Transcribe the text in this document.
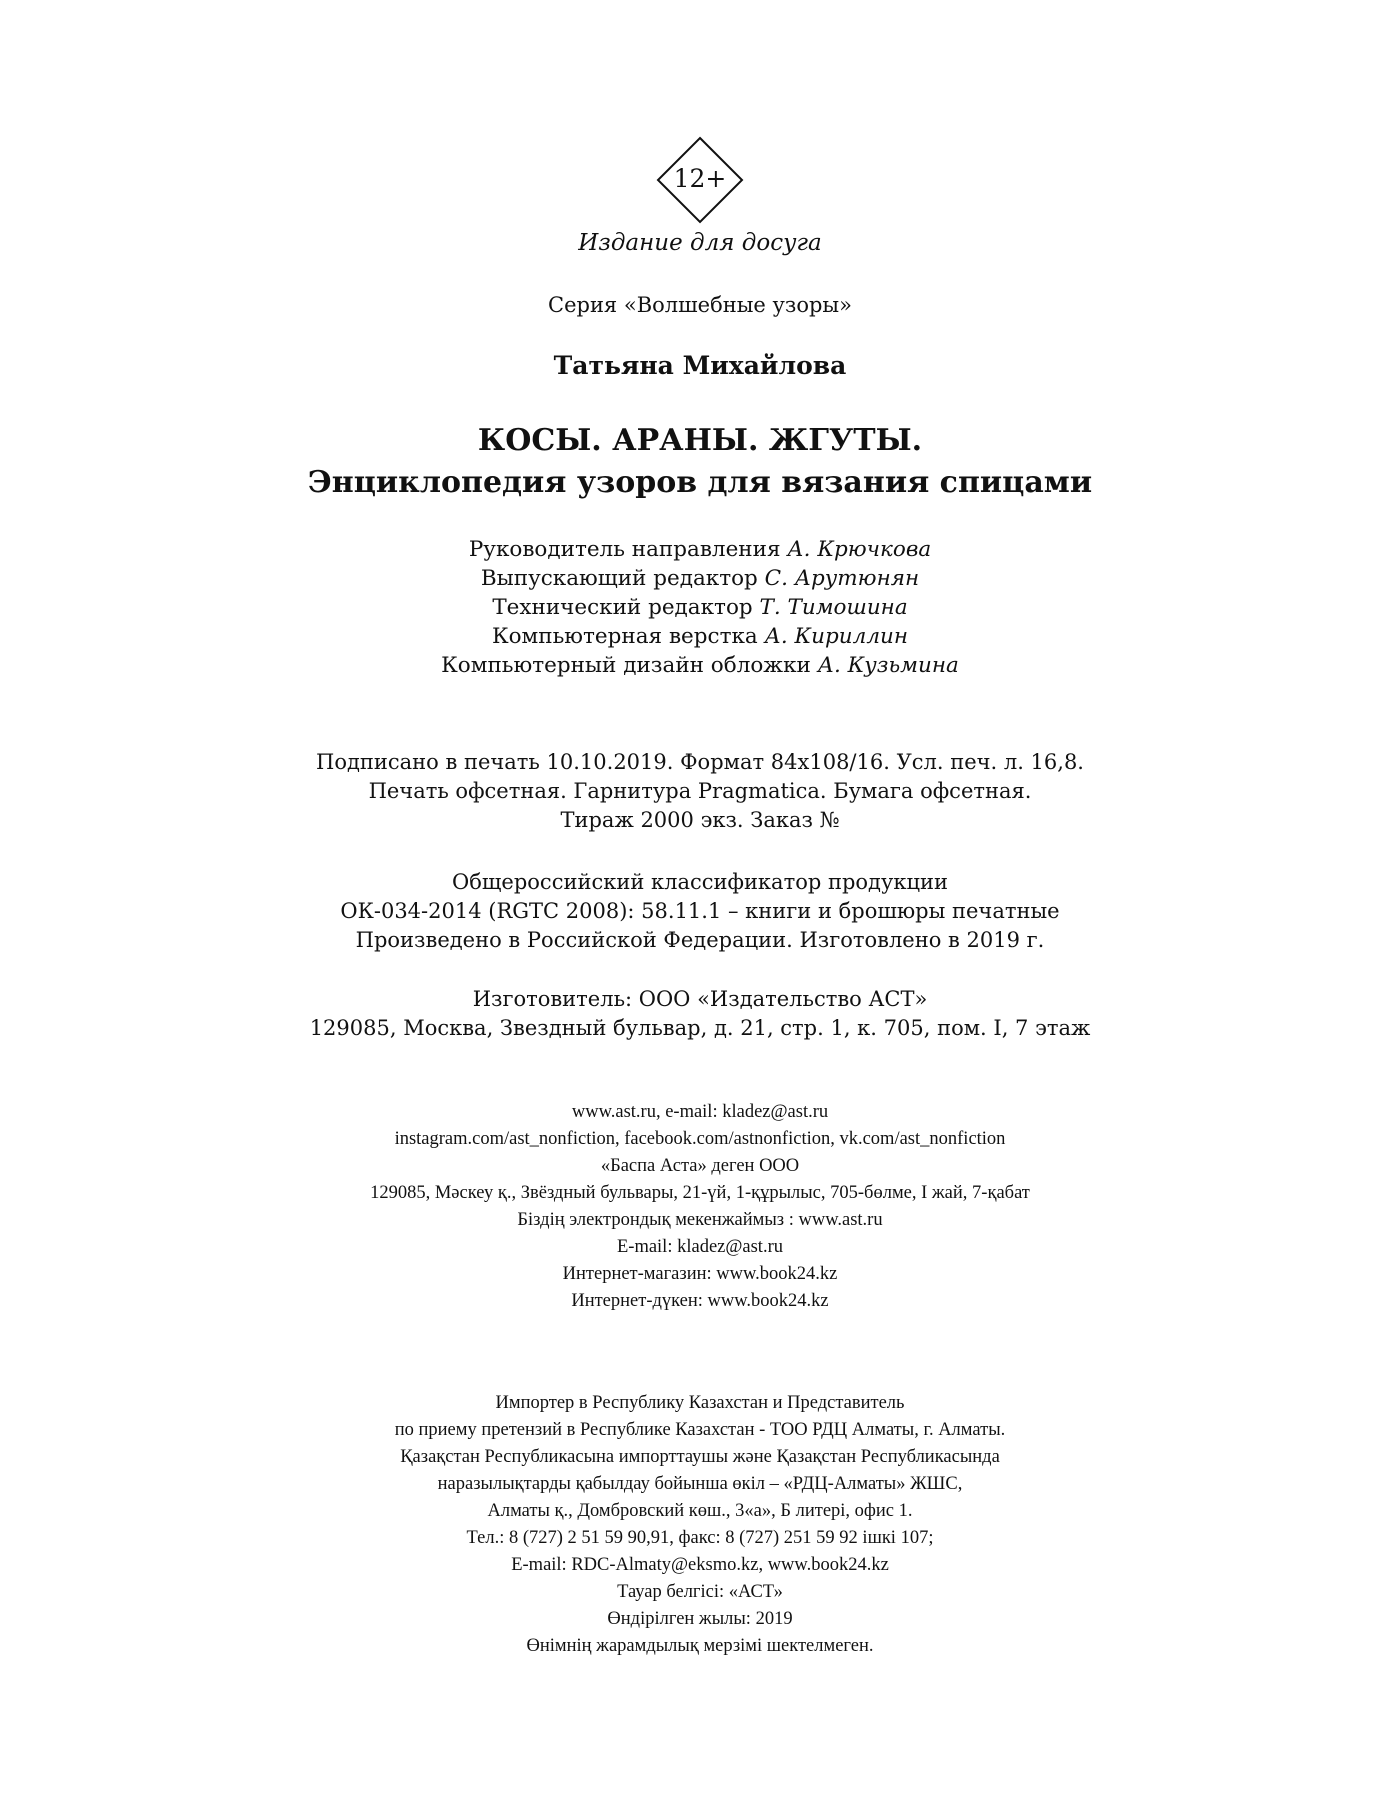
12+
Издание для досуга
Серия «Волшебные узоры»
Татьяна Михайлова
КОСЫ. АРАНЫ. ЖГУТЫ.
Энциклопедия узоров для вязания спицами
Руководитель направления А. Крючкова
Выпускающий редактор С. Арутюнян
Технический редактор Т. Тимошина
Компьютерная верстка А. Кириллин
Компьютерный дизайн обложки А. Кузьмина
Подписано в печать 10.10.2019. Формат 84x108/16. Усл. печ. л. 16,8.
Печать офсетная. Гарнитура Pragmatica. Бумага офсетная.
Тираж 2000 экз. Заказ №
Общероссийский классификатор продукции
ОК-034-2014 (RGTC 2008): 58.11.1 – книги и брошюры печатные
Произведено в Российской Федерации. Изготовлено в 2019 г.
Изготовитель: ООО «Издательство АСТ»
129085, Москва, Звездный бульвар, д. 21, стр. 1, к. 705, пом. I, 7 этаж
www.ast.ru, e-mail: kladez@ast.ru
instagram.com/ast_nonfiction, facebook.com/astnonfiction, vk.com/ast_nonfiction
«Баспа Аста» деген ООО
129085, Мәскеу қ., Звёздный бульвары, 21-үй, 1-құрылыс, 705-бөлме, I жай, 7-қабат
Біздің электрондық мекенжаймыз : www.ast.ru
E-mail: kladez@ast.ru
Интернет-магазин: www.book24.kz
Интернет-дүкен: www.book24.kz
Импортер в Республику Казахстан и Представитель
по приему претензий в Республике Казахстан - ТОО РДЦ Алматы, г. Алматы.
Қазақстан Республикасына импорттаушы және Қазақстан Республикасында
наразылықтарды қабылдау бойынша өкіл – «РДЦ-Алматы» ЖШС,
Алматы қ., Домбровский көш., 3«а», Б литерi, офис 1.
Тел.: 8 (727) 2 51 59 90,91, факс: 8 (727) 251 59 92 ішкі 107;
E-mail: RDC-Almaty@eksmo.kz, www.book24.kz
Тауар белгісі: «АСТ»
Өндірілген жылы: 2019
Өнімнің жарамдылық мерзімі шектелмеген.
